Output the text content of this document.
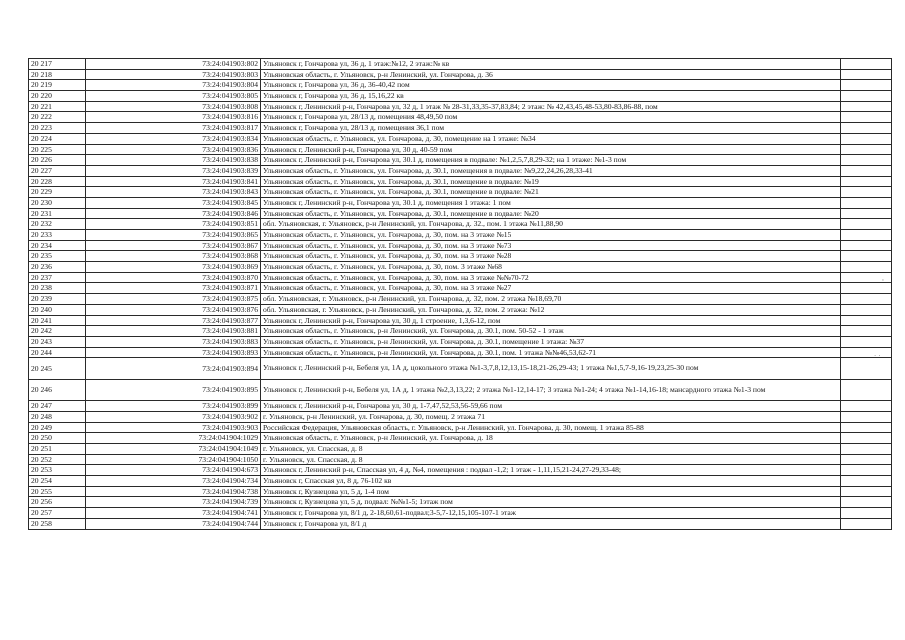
20 217	73:24:041903:802	Ульяновск г, Гончарова ул, 36 д, 1 этаж:№12, 2 этаж:№ кв	
20 218	73:24:041903:803	Ульяновская область, г. Ульяновск, р-н Ленинский, ул. Гончарова, д. 36	
20 219	73:24:041903:804	Ульяновск г, Гончарова ул, 36 д, 36-40,42 пом	
20 220	73:24:041903:805	Ульяновск г, Гончарова ул, 36 д, 15,16,22 кв	
20 221	73:24:041903:808	Ульяновск г, Ленинский р-н, Гончарова ул, 32 д, 1 этаж № 28-31,33,35-37,83,84; 2 этаж: № 42,43,45,48-53,80-83,86-88, пом	
20 222	73:24:041903:816	Ульяновск г, Гончарова ул, 28/13 д, помещения 48,49,50 пом	
20 223	73:24:041903:817	Ульяновск г, Гончарова ул, 28/13 д, помещения 36,1 пом	
20 224	73:24:041903:834	Ульяновская область, г. Ульяновск, ул. Гончарова, д. 30, помещение на 1 этаже: №34	
20 225	73:24:041903:836	Ульяновск г, Ленинский р-н, Гончарова ул, 30 д, 40-59 пом	
20 226	73:24:041903:838	Ульяновск г, Ленинский р-н, Гончарова ул, 30.1 д, помещения в подвале: №1,2,5,7,8,29-32; на 1 этаже: №1-3 пом	
20 227	73:24:041903:839	Ульяновская область, г. Ульяновск, ул. Гончарова, д. 30.1, помещения в подвале: №9,22,24,26,28,33-41	
20 228	73:24:041903:841	Ульяновская область, г. Ульяновск, ул. Гончарова, д. 30.1, помещение в подвале: №19	
20 229	73:24:041903:843	Ульяновская область, г. Ульяновск, ул. Гончарова, д. 30.1, помещение в подвале: №21	
20 230	73:24:041903:845	Ульяновск г, Ленинский р-н, Гончарова ул, 30.1 д, помещения 1 этажа: 1 пом	
20 231	73:24:041903:846	Ульяновская область, г. Ульяновск, ул. Гончарова, д. 30.1, помещение в подвале: №20	
20 232	73:24:041903:851	обл. Ульяновская, г. Ульяновск, р-н Ленинский, ул. Гончарова, д. 32., пом. 1 этажа №11,88,90	
20 233	73:24:041903:865	Ульяновская область, г. Ульяновск, ул. Гончарова, д. 30, пом. на 3 этаже №15	
20 234	73:24:041903:867	Ульяновская область, г. Ульяновск, ул. Гончарова, д. 30, пом. на 3 этаже №73	
20 235	73:24:041903:868	Ульяновская область, г. Ульяновск, ул. Гончарова, д. 30, пом. на 3 этаже №28	
20 236	73:24:041903:869	Ульяновская область, г. Ульяновск, ул. Гончарова, д. 30, пом. 3 этаже №68	
20 237	73:24:041903:870	Ульяновская область, г. Ульяновск, ул. Гончарова, д. 30, пом. на 3 этаже №№70-72	
20 238	73:24:041903:871	Ульяновская область, г. Ульяновск, ул. Гончарова, д. 30, пом. на 3 этаже №27	
20 239	73:24:041903:875	обл. Ульяновская, г. Ульяновск, р-н Ленинский, ул. Гончарова, д. 32, пом. 2 этажа №18,69,70	
20 240	73:24:041903:876	обл. Ульяновская, г. Ульяновск, р-н Ленинский, ул. Гончарова, д. 32, пом. 2 этажа: №12	
20 241	73:24:041903:877	Ульяновск г, Ленинский р-н, Гончарова ул, 30 д, 1 строение, 1,3,6-12, пом	
20 242	73:24:041903:881	Ульяновская область, г. Ульяновск, р-н Ленинский, ул. Гончарова, д. 30.1, пом. 50-52 - 1 этаж	
20 243	73:24:041903:883	Ульяновская область, г. Ульяновск, р-н Ленинский, ул. Гончарова, д. 30.1, помещение 1 этажа: №37	
20 244	73:24:041903:893	Ульяновская область, г. Ульяновск, р-н Ленинский, ул. Гончарова, д. 30.1, пом. 1 этажа №№46,53,62-71	
20 245	73:24:041903:894	Ульяновск г, Ленинский р-н, Бебеля ул, 1А д, цокольного этажа №1-3,7,8,12,13,15-18,21-26,29-43; 1 этажа №1,5,7-9,16-19,23,25-30 пом	
20 246	73:24:041903:895	Ульяновск г, Ленинский р-н, Бебеля ул, 1А д, 1 этажа №2,3,13,22; 2 этажа №1-12,14-17; 3 этажа №1-24; 4 этажа №1-14,16-18; мансардного этажа №1-3 пом	
20 247	73:24:041903:899	Ульяновск г, Ленинский р-н, Гончарова ул, 30 д, 1-7,47,52,53,56-59,66 пом	
20 248	73:24:041903:902	г. Ульяновск, р-н Ленинский, ул. Гончарова, д. 30, помещ. 2 этажа 71	
20 249	73:24:041903:903	Российская Федерация, Ульяновская область, г. Ульяновск, р-н Ленинский, ул. Гончарова, д. 30, помещ. 1 этажа 85-88	
20 250	73:24:041904:1029	Ульяновская область, г. Ульяновск, р-н Ленинский, ул. Гончарова, д. 18	
20 251	73:24:041904:1049	г. Ульяновск, ул. Спасская, д. 8	
20 252	73:24:041904:1050	г. Ульяновск, ул. Спасская, д. 8	
20 253	73:24:041904:673	Ульяновск г, Ленинский р-н, Спасская ул, 4 д, №4, помещения : подвал -1,2; 1 этаж - 1,11,15,21-24,27-29,33-48;	
20 254	73:24:041904:734	Ульяновск г, Спасская ул, 8 д, 76-102 кв	
20 255	73:24:041904:738	Ульяновск г, Кузнецова ул, 5 д, 1-4 пом	
20 256	73:24:041904:739	Ульяновск г, Кузнецова ул, 5 д, подвал: №№1-5; 1этаж пом	
20 257	73:24:041904:741	Ульяновск г, Гончарова ул, 8/1 д, 2-18,60,61-подвал;3-5,7-12,15,105-107-1 этаж	
20 258	73:24:041904:744	Ульяновск г, Гончарова ул, 8/1 д	
'
· ·
